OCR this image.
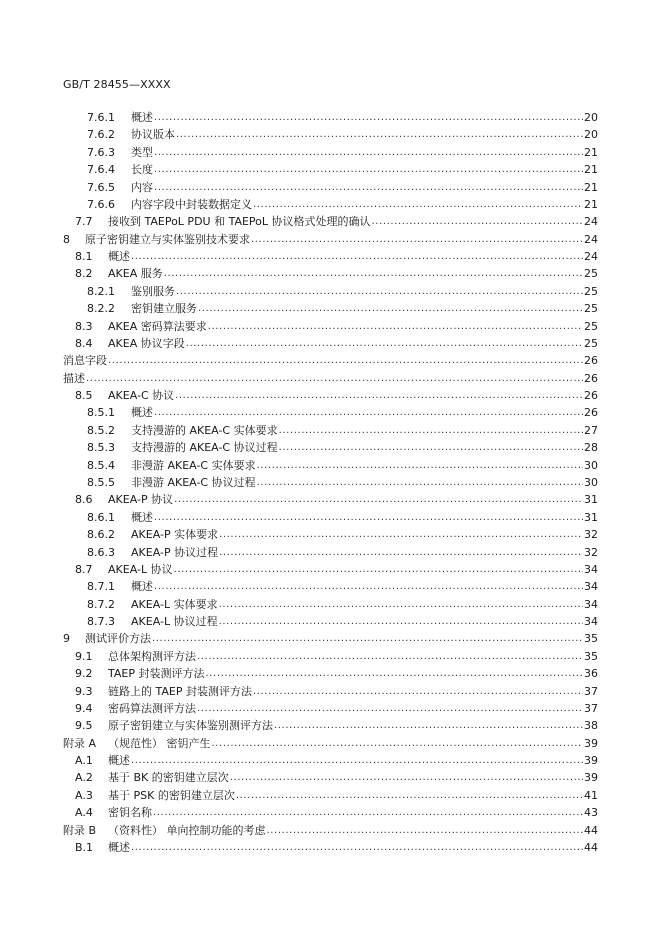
GB/T 28455—XXXX
7.6.1	概述 .....	20
7.6.2	协议版本 .....	20
7.6.3	类型 .....	21
7.6.4	长度 .....	21
7.6.5	内容 .....	21
7.6.6	内容字段中封装数据定义 .....	21
7.7	接收到 TAEPoL PDU 和 TAEPoL 协议格式处理的确认 .....	24
8	原子密钥建立与实体鉴别技术要求 .....	24
8.1	概述 .....	24
8.2	AKEA 服务 .....	25
8.2.1	鉴别服务 .....	25
8.2.2	密钥建立服务 .....	25
8.3	AKEA 密码算法要求 .....	25
8.4	AKEA 协议字段 .....	25
消息字段 .....	26
描述 .....	26
8.5	AKEA-C 协议 .....	26
8.5.1	概述 .....	26
8.5.2	支持漫游的 AKEA-C 实体要求 .....	27
8.5.3	支持漫游的 AKEA-C 协议过程 .....	28
8.5.4	非漫游 AKEA-C 实体要求 .....	30
8.5.5	非漫游 AKEA-C 协议过程 .....	30
8.6	AKEA-P 协议 .....	31
8.6.1	概述 .....	31
8.6.2	AKEA-P 实体要求 .....	32
8.6.3	AKEA-P 协议过程 .....	32
8.7	AKEA-L 协议 .....	34
8.7.1	概述 .....	34
8.7.2	AKEA-L 实体要求 .....	34
8.7.3	AKEA-L 协议过程 .....	34
9	测试评价方法 .....	35
9.1	总体架构测评方法 .....	35
9.2	TAEP 封装测评方法 .....	36
9.3	链路上的 TAEP 封装测评方法 .....	37
9.4	密码算法测评方法 .....	37
9.5	原子密钥建立与实体鉴别测评方法 .....	38
附录 A	（规范性） 密钥产生 .....	39
A.1	概述 .....	39
A.2	基于 BK 的密钥建立层次 .....	39
A.3	基于 PSK 的密钥建立层次 .....	41
A.4	密钥名称 .....	43
附录 B	（资料性） 单向控制功能的考虑 .....	44
B.1	概述 .....	44
